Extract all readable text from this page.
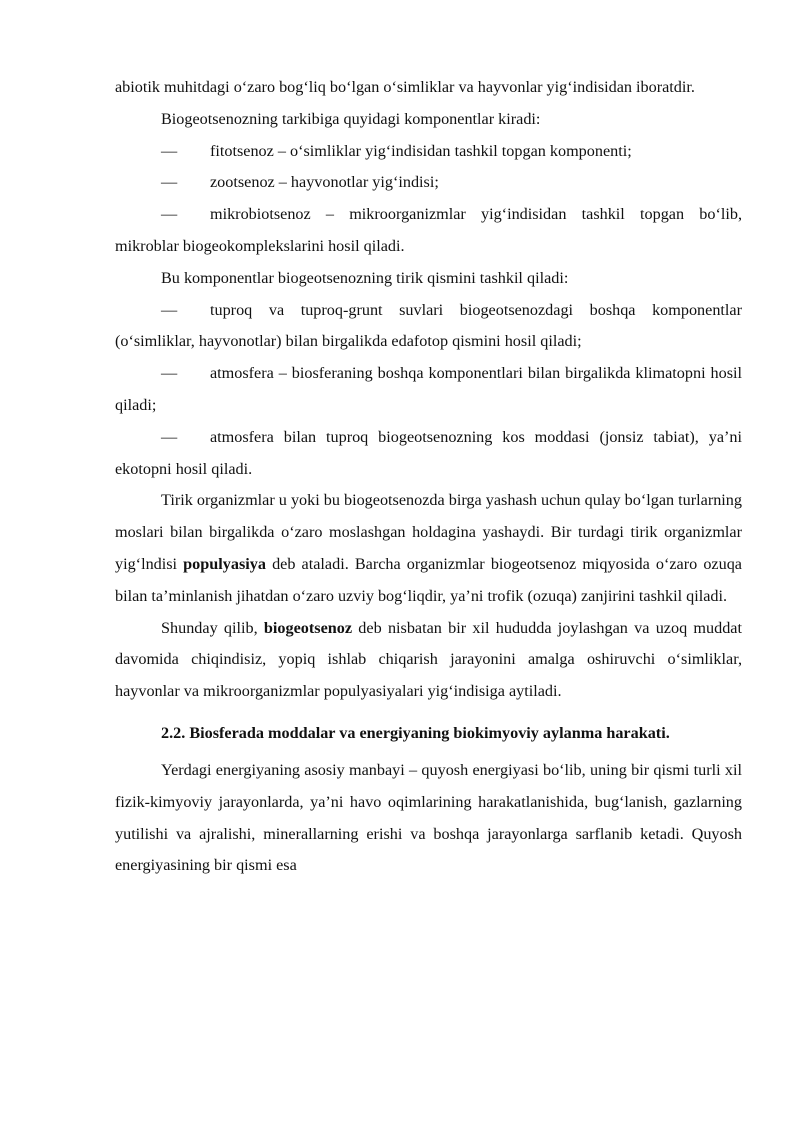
abiotik muhitdagi o‘zaro bog‘liq bo‘lgan o‘simliklar va hayvonlar yig‘indisidan iboratdir.

Biogeotsenozning tarkibiga quyidagi komponentlar kiradi:

— fitotsenoz – o‘simliklar yig‘indisidan tashkil topgan komponenti;

— zootsenoz – hayvonotlar yig‘indisi;

— mikrobiotsenoz – mikroorganizmlar yig‘indisidan tashkil topgan bo‘lib, mikroblar biogeokomplekslarini hosil qiladi.

Bu komponentlar biogeotsenozning tirik qismini tashkil qiladi:

— tuproq va tuproq-grunt suvlari biogeotsenozdagi boshqa komponentlar (o‘simliklar, hayvonotlar) bilan birgalikda edafotop qismini hosil qiladi;

— atmosfera – biosferaning boshqa komponentlari bilan birgalikda klimatopni hosil qiladi;

— atmosfera bilan tuproq biogeotsenozning kos moddasi (jonsiz tabiat), ya’ni ekotopni hosil qiladi.

Tirik organizmlar u yoki bu biogeotsenozda birga yashash uchun qulay bo‘lgan turlarning moslari bilan birgalikda o‘zaro moslashgan holdagina yashaydi. Bir turdagi tirik organizmlar yig‘lndisi populyasiya deb ataladi. Barcha organizmlar biogeotsenoz miqyosida o‘zaro ozuqa bilan ta’minlanish jihatdan o‘zaro uzviy bog‘liqdir, ya’ni trofik (ozuqa) zanjirini tashkil qiladi.

Shunday qilib, biogeotsenoz deb nisbatan bir xil hududda joylashgan va uzoq muddat davomida chiqindisiz, yopiq ishlab chiqarish jarayonini amalga oshiruvchi o‘simliklar, hayvonlar va mikroorganizmlar populyasiyalari yig‘indisiga aytiladi.

2.2. Biosferada moddalar va energiyaning biokimyoviy aylanma harakati.

Yerdagi energiyaning asosiy manbayi – quyosh energiyasi bo‘lib, uning bir qismi turli xil fizik-kimyoviy jarayonlarda, ya’ni havo oqimlarining harakatlanishida, bug‘lanish, gazlarning yutilishi va ajralishi, minerallarning erishi va boshqa jarayonlarga sarflanib ketadi. Quyosh energiyasining bir qismi esa
